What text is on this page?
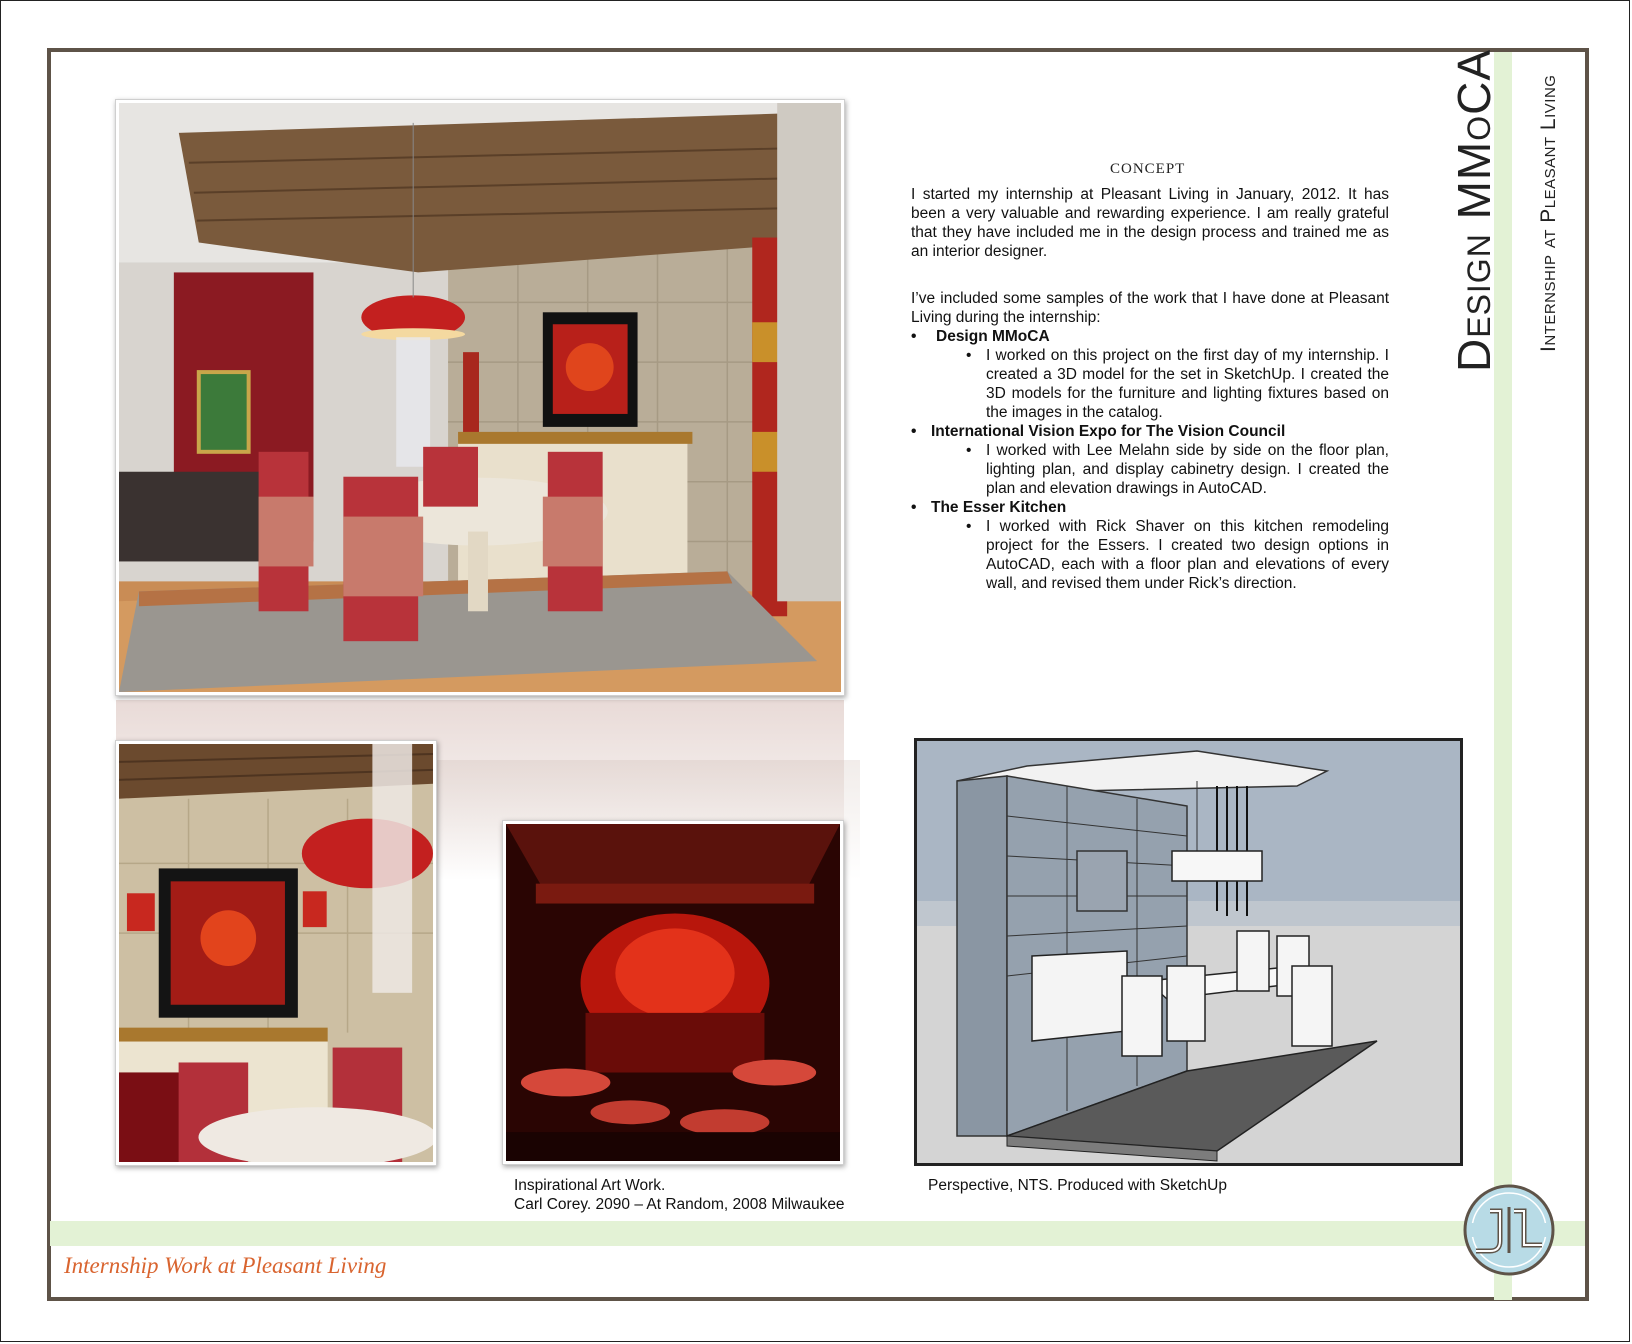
CONCEPT

I started my internship at Pleasant Living in January, 2012. It has been a very valuable and rewarding experience. I am really grateful that they have included me in the design process and trained me as an interior designer.

I’ve included some samples of the work that I have done at Pleasant Living during the internship:

• Design MMoCA
• I worked on this project on the first day of my internship. I created a 3D model for the set in SketchUp. I created the 3D models for the furniture and lighting fixtures based on the images in the catalog.
• International Vision Expo for The Vision Council
• I worked with Lee Melahn side by side on the floor plan, lighting plan, and display cabinetry design. I created the plan and elevation drawings in AutoCAD.
• The Esser Kitchen
• I worked with Rick Shaver on this kitchen remodeling project for the Essers. I created two design options in AutoCAD, each with a floor plan and elevations of every wall, and revised them under Rick’s direction.
Design MMoCA Internship at Pleasant Living
Inspirational Art Work.
Carl Corey. 2090 – At Random, 2008 Milwaukee
Perspective, NTS. Produced with SketchUp
Internship Work at Pleasant Living
